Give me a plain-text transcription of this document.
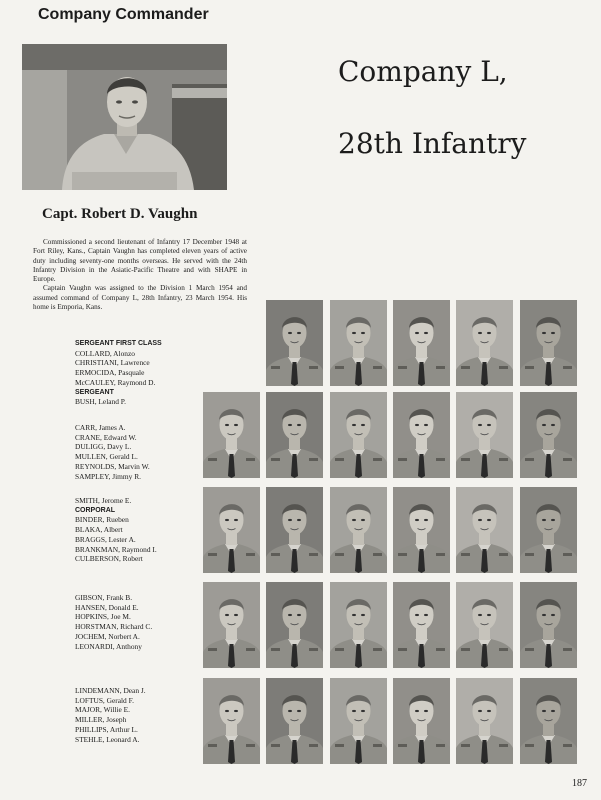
Company Commander
Company L,
28th Infantry
Capt. Robert D. Vaughn

Commissioned a second lieutenant of Infantry 17 December 1948 at Fort Riley, Kans., Captain Vaughn has completed eleven years of active duty including seventy-one months overseas. He served with the 24th Infantry Division in the Asiatic-Pacific Theatre and with SHAPE in Europe.

Captain Vaughn was assigned to the Division 1 March 1954 and assumed command of Company L, 28th Infantry, 23 March 1954. His home is Emporia, Kans.

SERGEANT FIRST CLASS
COLLARD, Alonzo
CHRISTIANI, Lawrence
ERMOCIDA, Pasquale
McCAULEY, Raymond D.
SERGEANT
BUSH, Leland P.
CARR, James A.
CRANE, Edward W.
DULIGG, Davy L.
MULLEN, Gerald L.
REYNOLDS, Marvin W.
SAMPLEY, Jimmy R.
SMITH, Jerome E.
CORPORAL
BINDER, Rueben
BLAKA, Albert
BRAGGS, Lester A.
BRANKMAN, Raymond I.
CULBERSON, Robert
GIBSON, Frank B.
HANSEN, Donald E.
HOPKINS, Joe M.
HORSTMAN, Richard C.
JOCHEM, Norbert A.
LEONARDI, Anthony
LINDEMANN, Dean J.
LOFTUS, Gerald F.
MAJOR, Willie E.
MILLER, Joseph
PHILLIPS, Arthur L.
STEHLE, Leonard A.
187
